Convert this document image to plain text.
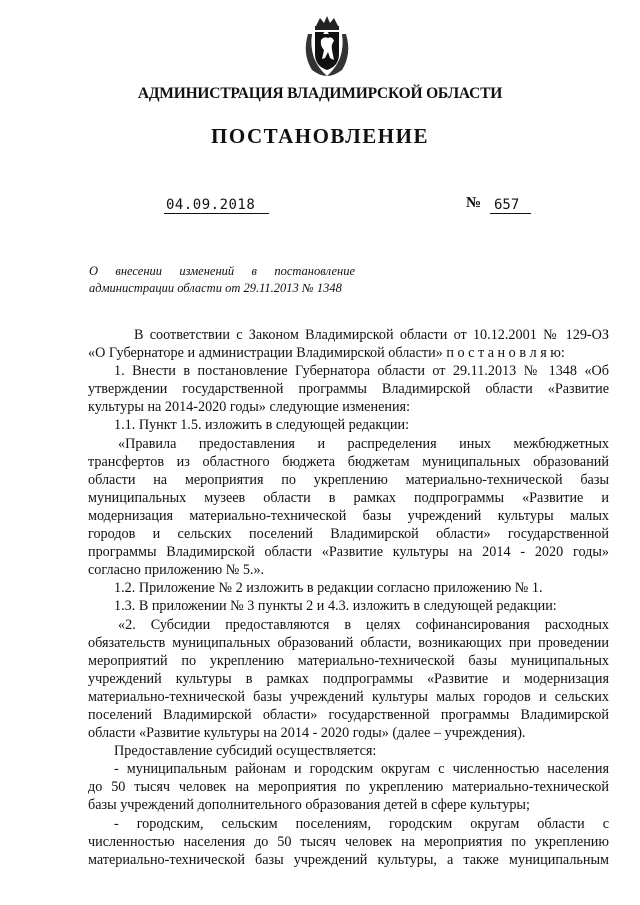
АДМИНИСТРАЦИЯ ВЛАДИМИРСКОЙ ОБЛАСТИ
ПОСТАНОВЛЕНИЕ
04.09.2018	№ 657
О внесении изменений в постановление
администрации области от 29.11.2013 № 1348
В соответствии с Законом Владимирской области от 10.12.2001 № 129-ОЗ
«О Губернаторе и администрации Владимирской области» п о с т а н о в л я ю:
1. Внести в постановление Губернатора области от 29.11.2013 № 1348 «Об
утверждении государственной программы Владимирской области «Развитие
культуры на 2014-2020 годы» следующие изменения:
1.1. Пункт 1.5. изложить в следующей редакции:
«Правила предоставления и распределения иных межбюджетных
трансфертов из областного бюджета бюджетам муниципальных образований
области на мероприятия по укреплению материально-технической базы
муниципальных музеев области в рамках подпрограммы «Развитие и
модернизация материально-технической базы учреждений культуры малых
городов и сельских поселений Владимирской области» государственной
программы Владимирской области «Развитие культуры на 2014 - 2020 годы»
согласно приложению № 5.».
1.2. Приложение № 2 изложить в редакции согласно приложению № 1.
1.3. В приложении № 3 пункты 2 и 4.3. изложить в следующей редакции:
«2. Субсидии предоставляются в целях софинансирования расходных
обязательств муниципальных образований области, возникающих при проведении
мероприятий по укреплению материально-технической базы муниципальных
учреждений культуры в рамках подпрограммы «Развитие и модернизация
материально-технической базы учреждений культуры малых городов и сельских
поселений Владимирской области» государственной программы Владимирской
области «Развитие культуры на 2014 - 2020 годы» (далее – учреждения).
Предоставление субсидий осуществляется:
- муниципальным районам и городским округам с численностью населения
до 50 тысяч человек на мероприятия по укреплению материально-технической
базы учреждений дополнительного образования детей в сфере культуры;
- городским, сельским поселениям, городским округам области с
численностью населения до 50 тысяч человек на мероприятия по укреплению
материально-технической базы учреждений культуры, а также муниципальным
